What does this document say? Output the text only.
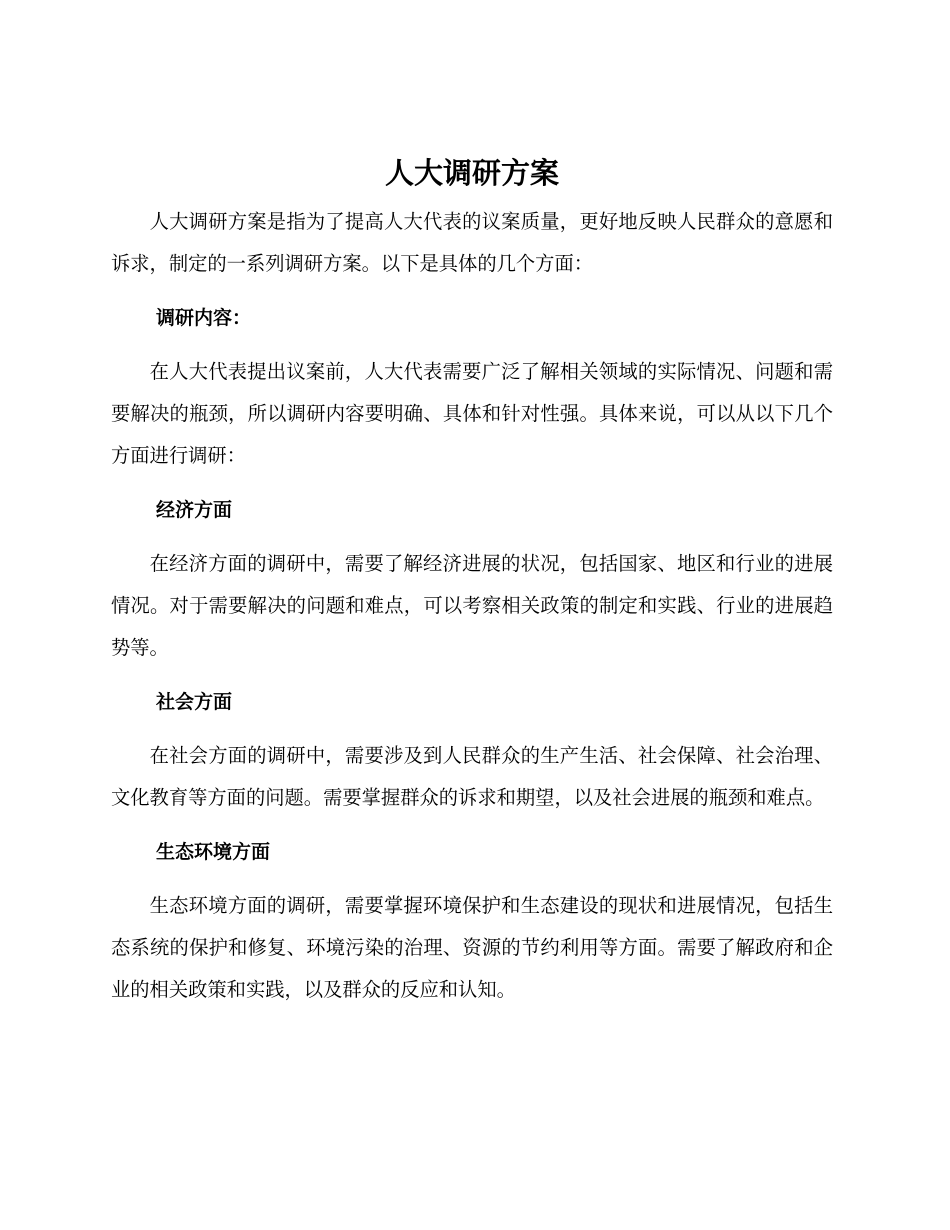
人大调研方案

人大调研方案是指为了提高人大代表的议案质量，更好地反映人民群众的意愿和诉求，制定的一系列调研方案。以下是具体的几个方面：

调研内容：

在人大代表提出议案前，人大代表需要广泛了解相关领域的实际情况、问题和需要解决的瓶颈，所以调研内容要明确、具体和针对性强。具体来说，可以从以下几个方面进行调研：

经济方面

在经济方面的调研中，需要了解经济进展的状况，包括国家、地区和行业的进展情况。对于需要解决的问题和难点，可以考察相关政策的制定和实践、行业的进展趋势等。

社会方面

在社会方面的调研中，需要涉及到人民群众的生产生活、社会保障、社会治理、文化教育等方面的问题。需要掌握群众的诉求和期望，以及社会进展的瓶颈和难点。

生态环境方面

生态环境方面的调研，需要掌握环境保护和生态建设的现状和进展情况，包括生态系统的保护和修复、环境污染的治理、资源的节约利用等方面。需要了解政府和企业的相关政策和实践，以及群众的反应和认知。
